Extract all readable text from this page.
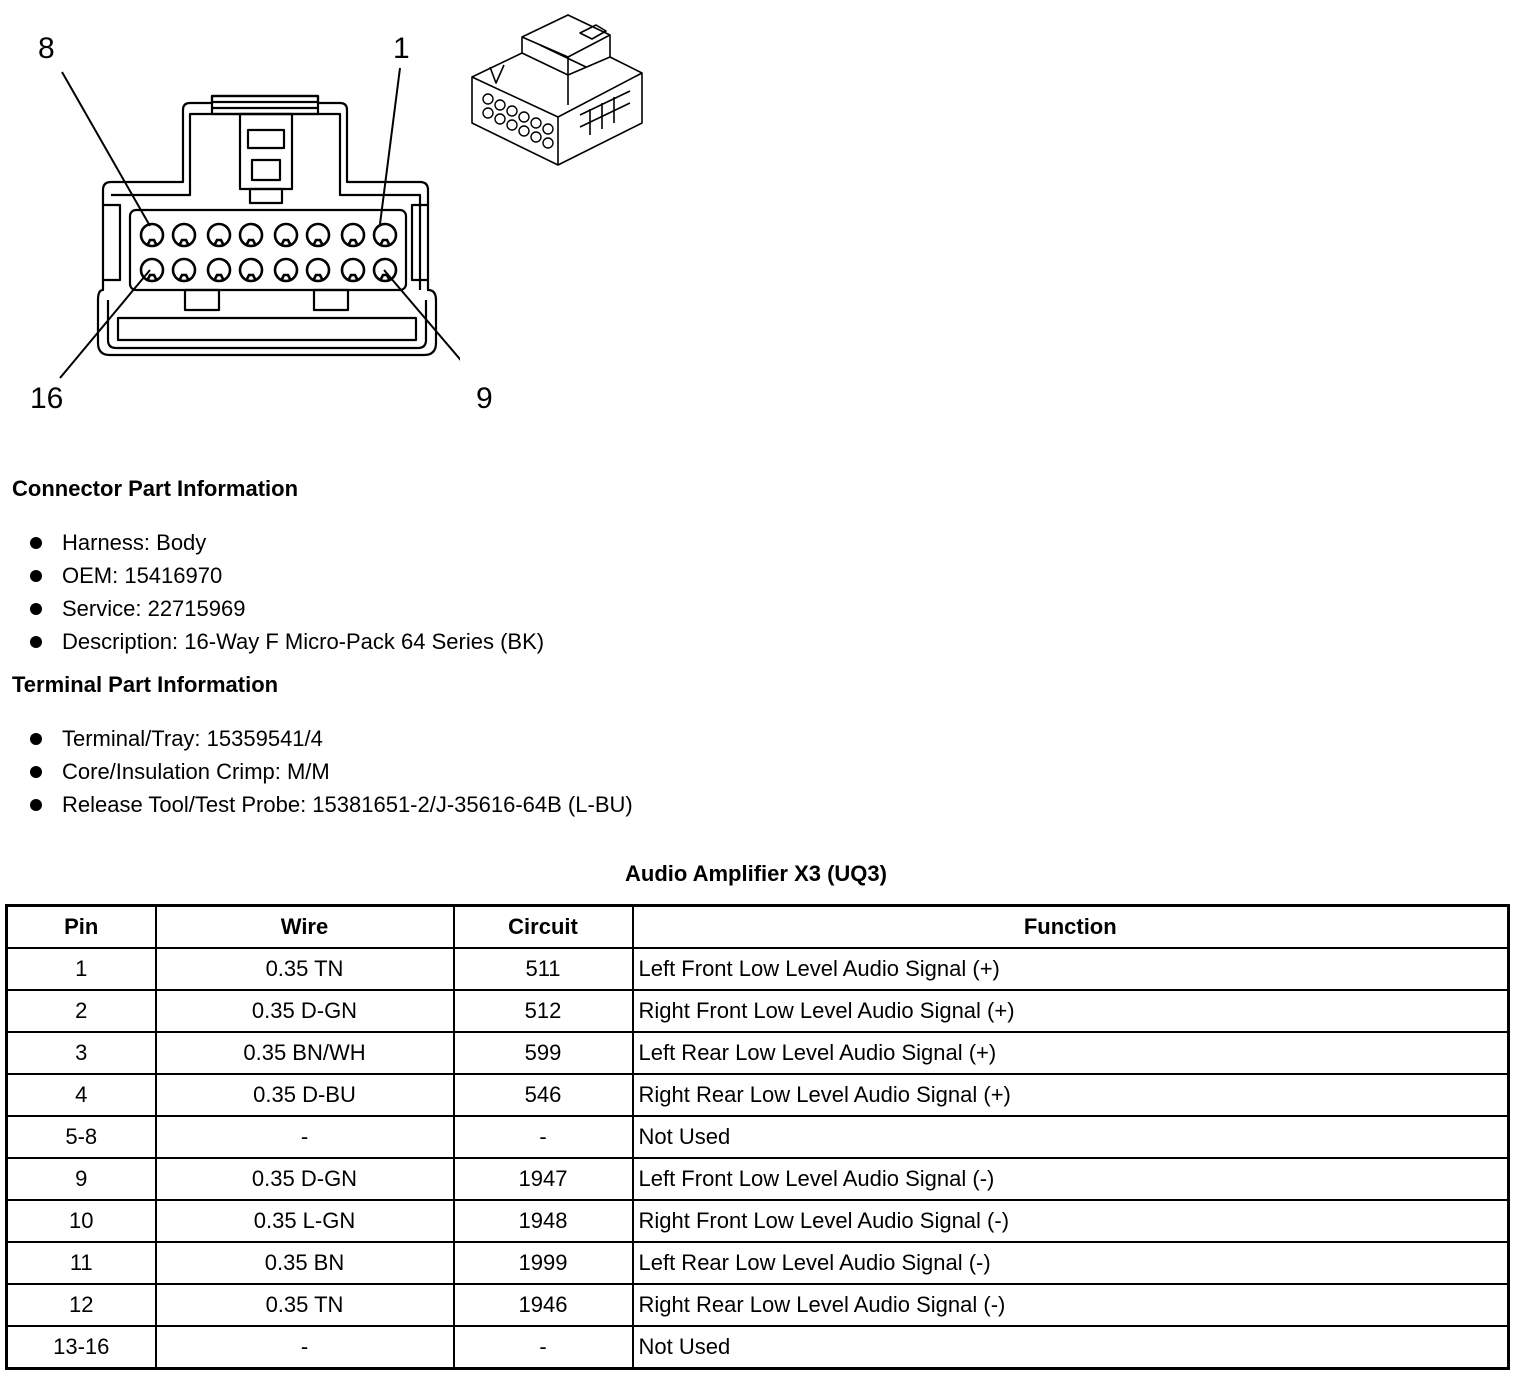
8	1
16	9
Connector Part Information
Harness: Body
OEM: 15416970
Service: 22715969
Description: 16-Way F Micro-Pack 64 Series (BK)
Terminal Part Information
Terminal/Tray: 15359541/4
Core/Insulation Crimp: M/M
Release Tool/Test Probe: 15381651-2/J-35616-64B (L-BU)
Audio Amplifier X3 (UQ3)
Pin	Wire	Circuit	Function
1	0.35 TN	511	Left Front Low Level Audio Signal (+)
2	0.35 D-GN	512	Right Front Low Level Audio Signal (+)
3	0.35 BN/WH	599	Left Rear Low Level Audio Signal (+)
4	0.35 D-BU	546	Right Rear Low Level Audio Signal (+)
5-8	-	-	Not Used
9	0.35 D-GN	1947	Left Front Low Level Audio Signal (-)
10	0.35 L-GN	1948	Right Front Low Level Audio Signal (-)
11	0.35 BN	1999	Left Rear Low Level Audio Signal (-)
12	0.35 TN	1946	Right Rear Low Level Audio Signal (-)
13-16	-	-	Not Used
